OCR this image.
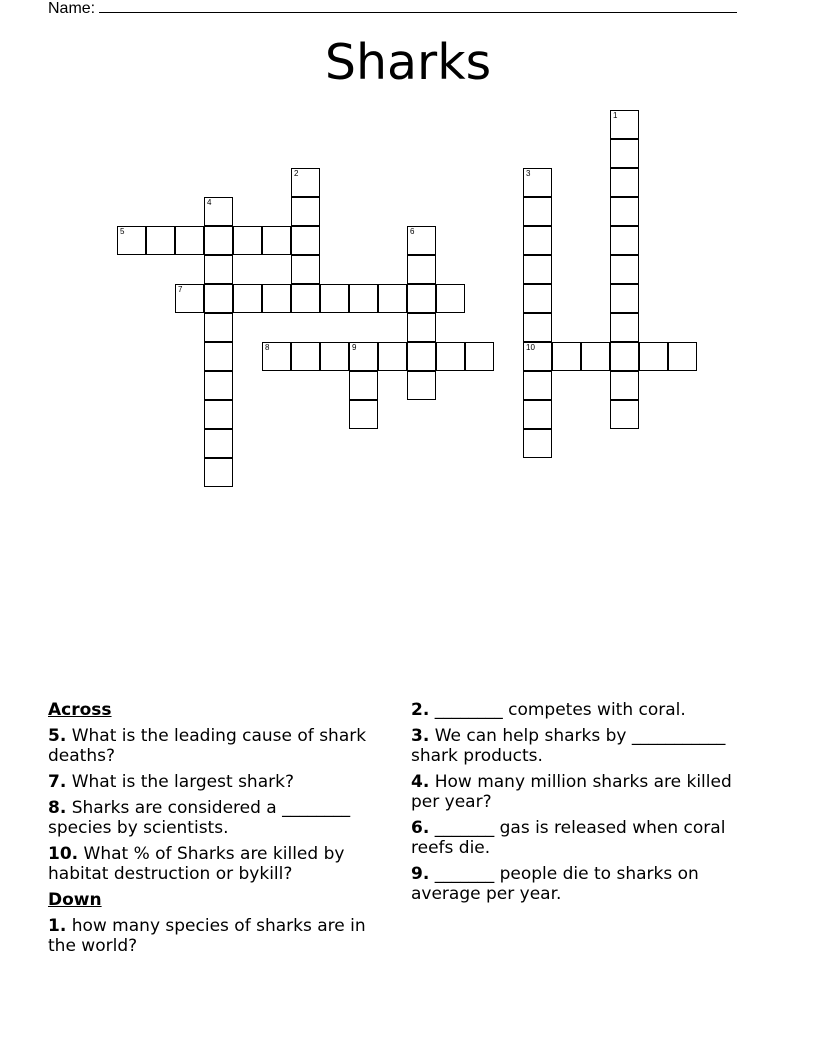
Name:
Sharks
5
7
8	9	10
1
2	3
4
6
Across
5. What is the leading cause of shark deaths?
7. What is the largest shark?
8. Sharks are considered a ________ species by scientists.
10. What % of Sharks are killed by habitat destruction or bykill?
Down
1. how many species of sharks are in the world?
2. ________ competes with coral.
3. We can help sharks by ___________ shark products.
4. How many million sharks are killed per year?
6. _______ gas is released when coral reefs die.
9. _______ people die to sharks on average per year.
